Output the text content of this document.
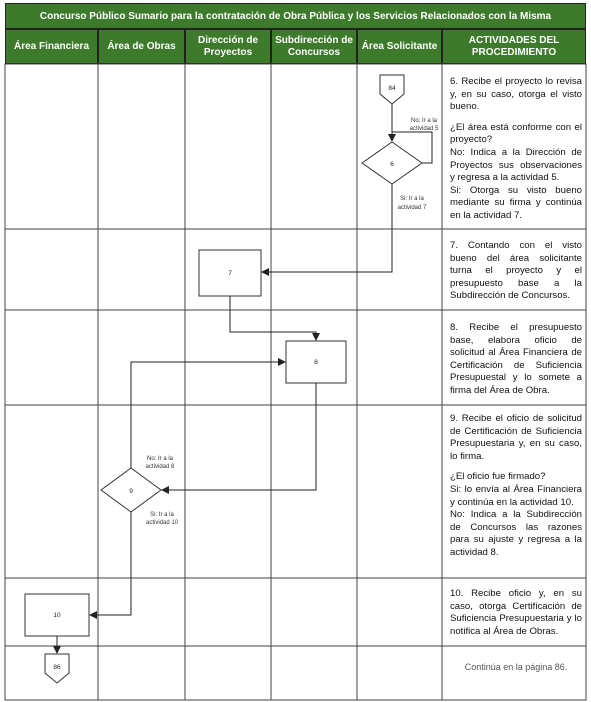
Concurso Público Sumario para la contratación de Obra Pública y los Servicios Relacionados con la Misma
Área Financiera	Área de Obras
Dirección de Proyectos
Subdirección de Concursos
Área Solicitante
ACTIVIDADES DEL PROCEDIMIENTO
84
6
7
8
9
10
86
No: Ir a la
actividad 5
Si: Ir a la
actividad 7
No: Ir a la
actividad 8
Si: Ir a la
actividad 10

6. Recibe el proyecto lo revisa y, en su caso, otorga el visto bueno.

¿El área está conforme con el proyecto?

No: Indica a la Dirección de Proyectos sus observaciones y regresa a la actividad 5.

Si: Otorga su visto bueno mediante su firma y continúa en la actividad 7.

7. Contando con el visto bueno del área solicitante turna el proyecto y el presupuesto base a la Subdirección de Concursos.

8. Recibe el presupuesto base, elabora oficio de solicitud al Área Financiera de Certificación de Suficiencia Presupuestal y lo somete a firma del Área de Obra.

9. Recibe el oficio de solicitud de Certificación de Suficiencia Presupuestaria y, en su caso, lo firma.

¿El oficio fue firmado?

Si: lo envía al Área Financiera y continúa en la actividad 10.

No: Indica a la Subdirección de Concursos las razones para su ajuste y regresa a la actividad 8.

10. Recibe oficio y, en su caso, otorga Certificación de Suficiencia Presupuestaria y lo notifica al Área de Obras.

Continúa en la página 86.
